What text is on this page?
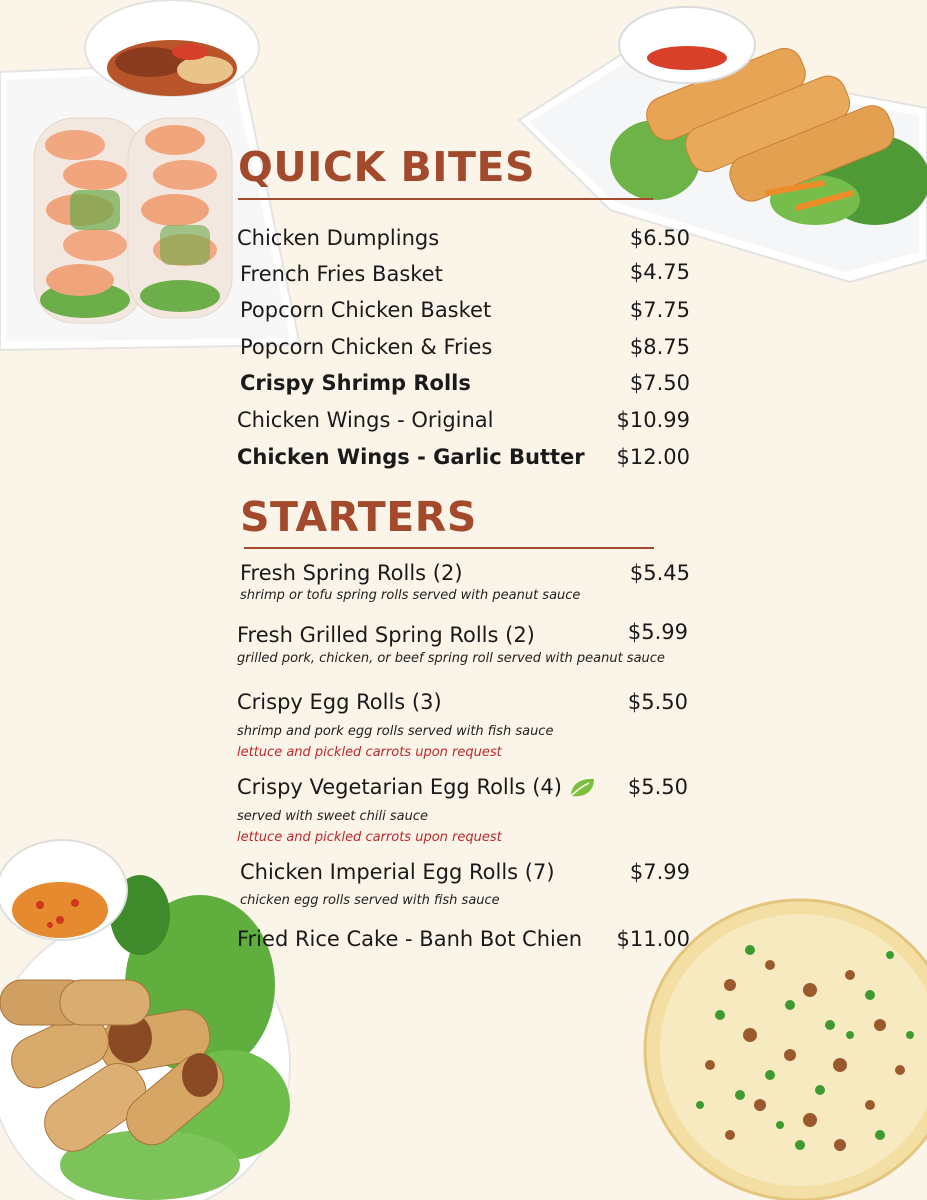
QUICK BITES
Chicken Dumplings	$6.50
French Fries Basket	$4.75
Popcorn Chicken Basket	$7.75
Popcorn Chicken & Fries	$8.75
Crispy Shrimp Rolls	$7.50
Chicken Wings - Original	$10.99
Chicken Wings - Garlic Butter	$12.00
STARTERS
Fresh Spring Rolls (2)	$5.45
shrimp or tofu spring rolls served with peanut sauce
Fresh Grilled Spring Rolls (2)	$5.99
grilled pork, chicken, or beef spring roll served with peanut sauce
Crispy Egg Rolls (3)	$5.50
shrimp and pork egg rolls served with fish sauce
lettuce and pickled carrots upon request
Crispy Vegetarian Egg Rolls (4)	$5.50
served with sweet chili sauce
lettuce and pickled carrots upon request
Chicken Imperial Egg Rolls (7)	$7.99
chicken egg rolls served with fish sauce
Fried Rice Cake - Banh Bot Chien	$11.00
